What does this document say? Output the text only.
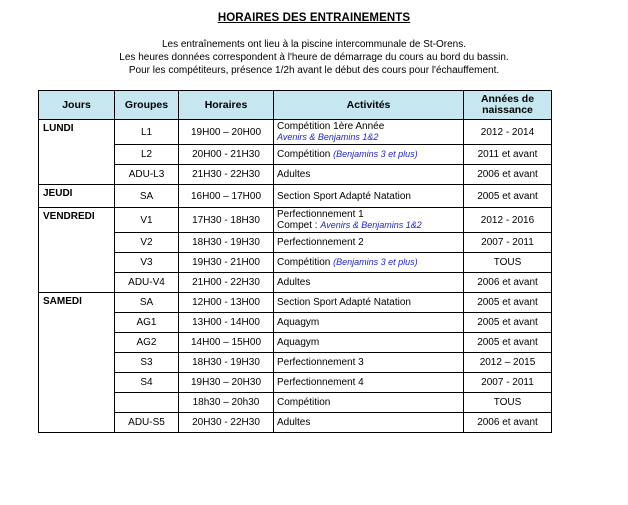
HORAIRES DES ENTRAINEMENTS
Les entraînements ont lieu à la piscine intercommunale de St-Orens.
Les heures données correspondent à l'heure de démarrage du cours au bord du bassin.
Pour les compétiteurs, présence 1/2h avant le début des cours pour l'échauffement.
Jours	Groupes	Horaires	Activités	Années de
naissance

LUNDI	L1	19H00 – 20H00	Compétition 1ère Année
Avenirs & Benjamins 1&2	2012 - 2014
	L2	20H00 - 21H30	Compétition (Benjamins 3 et plus)	2011 et avant
	ADU-L3	21H30 - 22H30	Adultes	2006 et avant
JEUDI	SA	16H00 – 17H00	Section Sport Adapté Natation	2005 et avant
VENDREDI	V1	17H30 - 18H30	Perfectionnement 1
Compet : Avenirs & Benjamins 1&2	2012 - 2016
	V2	18H30 - 19H30	Perfectionnement 2	2007 - 2011
	V3	19H30 - 21H00	Compétition (Benjamins 3 et plus)	TOUS
	ADU-V4	21H00 - 22H30	Adultes	2006 et avant
SAMEDI	SA	12H00 - 13H00	Section Sport Adapté Natation	2005 et avant
	AG1	13H00 - 14H00	Aquagym	2005 et avant
	AG2	14H00 – 15H00	Aquagym	2005 et avant
	S3	18H30 - 19H30	Perfectionnement 3	2012 – 2015
	S4	19H30 – 20H30	Perfectionnement 4	2007 - 2011
		18h30 – 20h30	Compétition	TOUS
	ADU-S5	20H30 - 22H30	Adultes	2006 et avant
